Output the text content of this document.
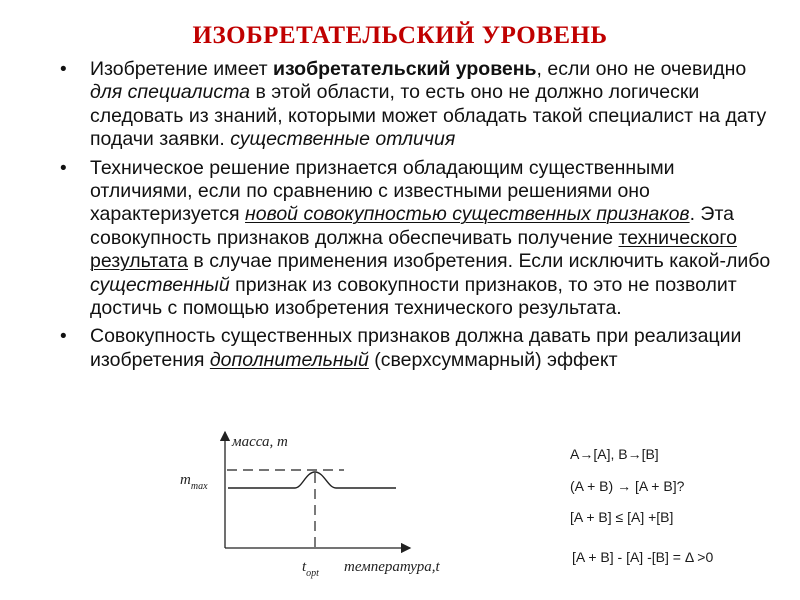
ИЗОБРЕТАТЕЛЬСКИЙ УРОВЕНЬ
• Изобретение имеет изобретательский уровень, если оно не очевидно для специалиста в этой области, то есть оно не должно логически следовать из знаний, которыми может обладать такой специалист на дату подачи заявки. существенные отличия
• Техническое решение признается обладающим существенными отличиями, если по сравнению с известными решениями оно характеризуется новой совокупностью существенных признаков. Эта совокупность признаков должна обеспечивать получение технического результата в случае применения изобретения. Если исключить какой-либо существенный признак из совокупности признаков, то это не позволит достичь с помощью изобретения технического результата.
• Совокупность существенных признаков должна давать при реализации изобретения дополнительный (сверхсуммарный) эффект
масса, m
$m_{max}$
$t_{opt}$ температура,t
A→[A], B→[B]
(A + B) → [A + B]?
[A + B] ≤ [A] +[B]
[A + B] - [A] -[B] = Δ >0
